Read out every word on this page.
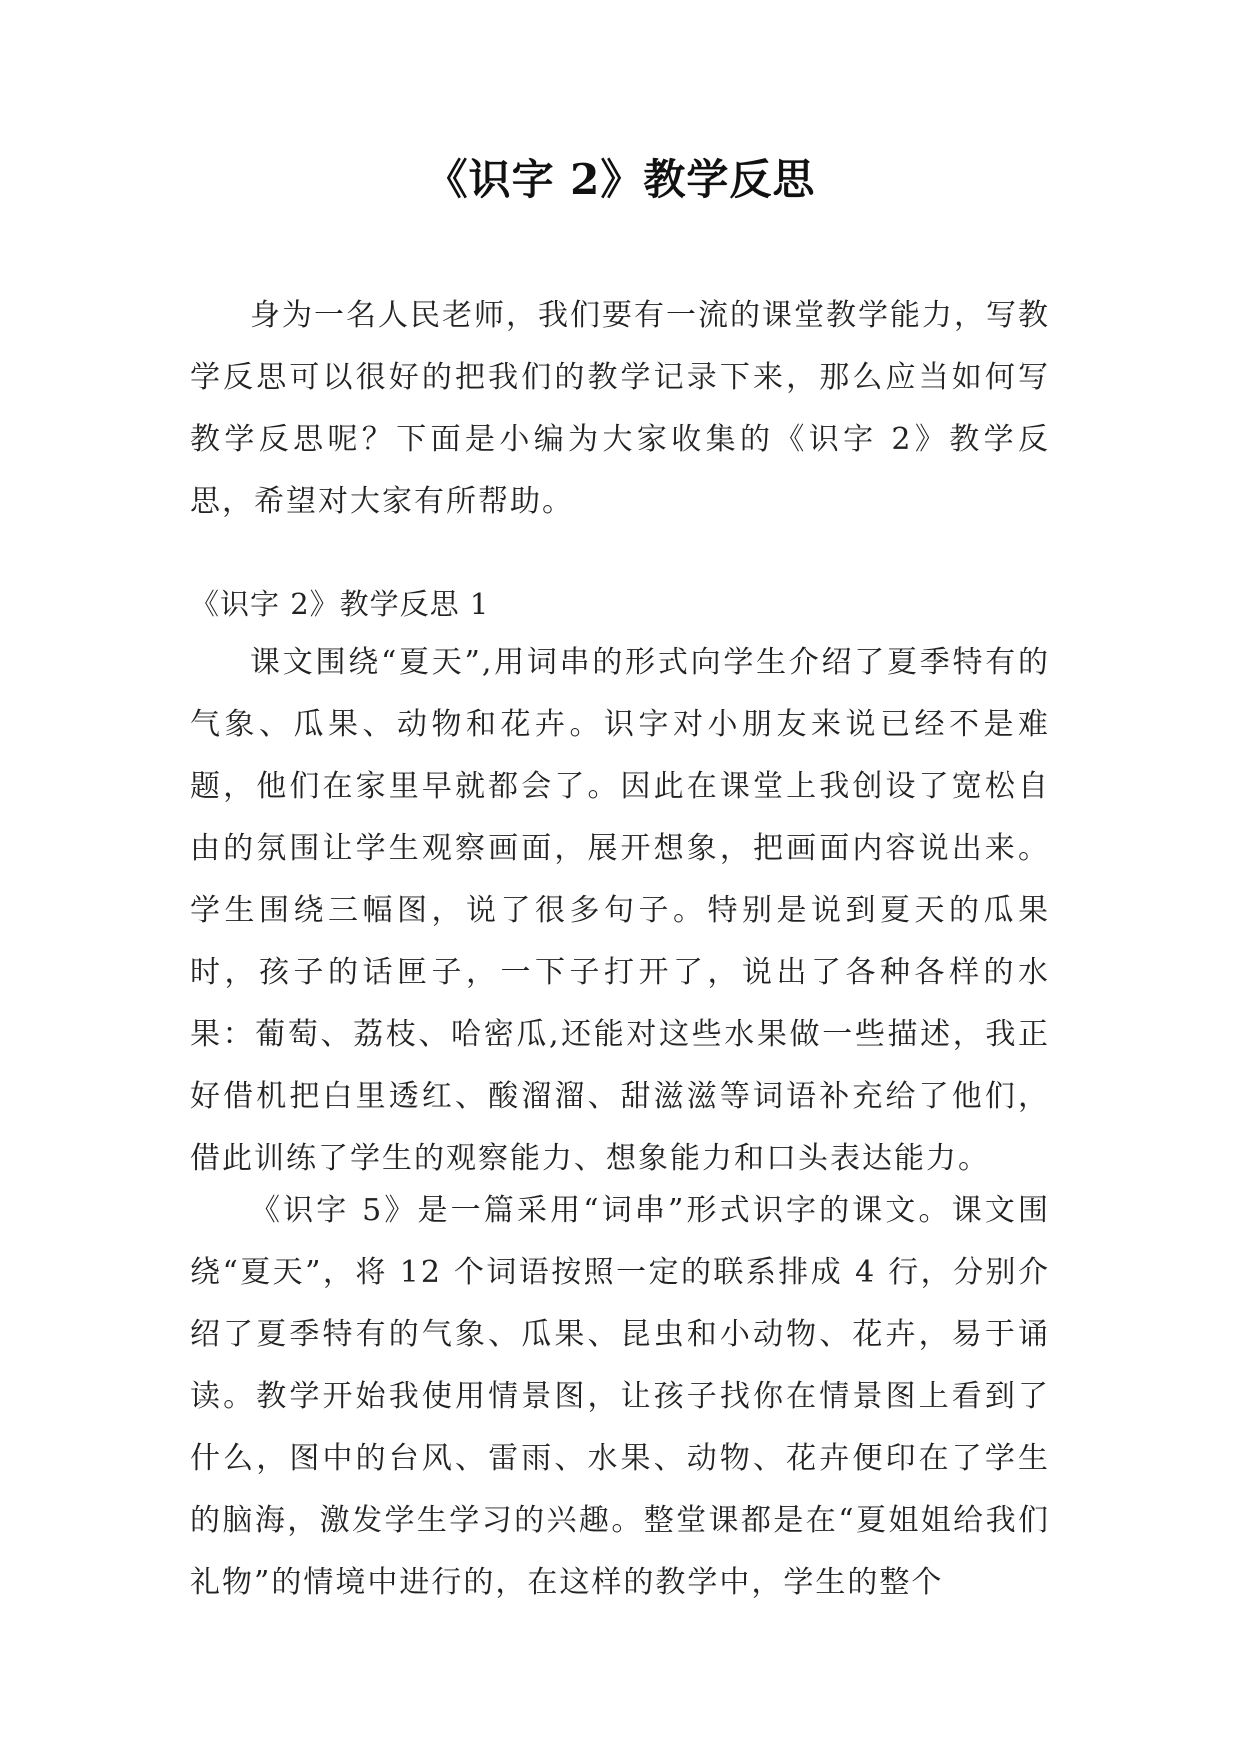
《识字 2》教学反思
身为一名人民老师，我们要有一流的课堂教学能力，写教学反思可以很好的把我们的教学记录下来，那么应当如何写教学反思呢？下面是小编为大家收集的《识字 2》教学反思，希望对大家有所帮助。
《识字 2》教学反思 1
课文围绕“夏天”,用词串的形式向学生介绍了夏季特有的气象、瓜果、动物和花卉。识字对小朋友来说已经不是难题，他们在家里早就都会了。因此在课堂上我创设了宽松自由的氛围让学生观察画面，展开想象，把画面内容说出来。学生围绕三幅图，说了很多句子。特别是说到夏天的瓜果时，孩子的话匣子，一下子打开了，说出了各种各样的水果：葡萄、荔枝、哈密瓜,还能对这些水果做一些描述，我正好借机把白里透红、酸溜溜、甜滋滋等词语补充给了他们，借此训练了学生的观察能力、想象能力和口头表达能力。
《识字 5》是一篇采用“词串”形式识字的课文。课文围绕“夏天”，将 12 个词语按照一定的联系排成 4 行，分别介绍了夏季特有的气象、瓜果、昆虫和小动物、花卉，易于诵读。教学开始我使用情景图，让孩子找你在情景图上看到了什么，图中的台风、雷雨、水果、动物、花卉便印在了学生的脑海，激发学生学习的兴趣。整堂课都是在“夏姐姐给我们礼物”的情境中进行的，在这样的教学中，学生的整个
